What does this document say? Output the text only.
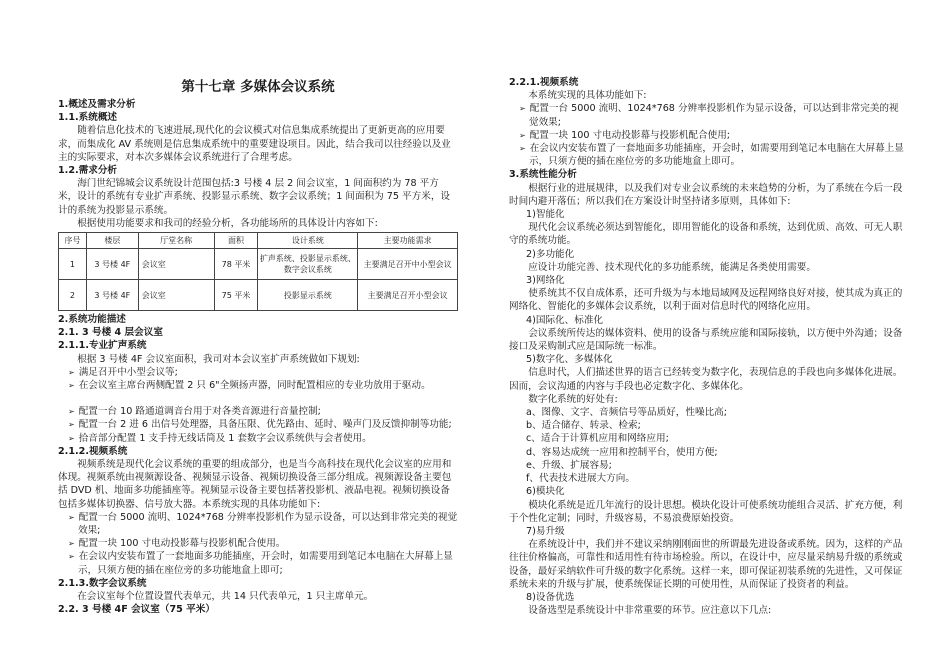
第十七章 多媒体会议系统

1.概述及需求分析

1.1.系统概述

随着信息化技术的飞速进展,现代化的会议模式对信息集成系统提出了更新更高的应用要求，而集成化 AV 系统则是信息集成系统中的重要建设项目。因此，结合我司以往经验以及业主的实际要求，对本次多媒体会议系统进行了合理考虑。

1.2.需求分析

海门世纪锦城会议系统设计范围包括:3 号楼 4 层 2 间会议室，1 间面积约为 78 平方米，设计的系统有专业扩声系统、投影显示系统、数字会议系统；1 间面积为 75 平方米，设计的系统为投影显示系统。

根据使用功能要求和我司的经验分析，各功能场所的具体设计内容如下:

序号	楼层	厅堂名称	面积	设计系统	主要功能需求
1	3 号楼 4F	会议室	78 平米	扩声系统、投影显示系统、数字会议系统	主要满足召开中小型会议
2	3 号楼 4F	会议室	75 平米	投影显示系统	主要满足召开小型会议

2.系统功能描述

2.1. 3 号楼 4 层会议室

2.1.1.专业扩声系统

根据 3 号楼 4F 会议室面积，我司对本会议室扩声系统做如下规划:

➢ 满足召开中小型会议等;

➢ 在会议室主席台两侧配置 2 只 6"全频扬声器，同时配置相应的专业功放用于驱动。

➢ 配置一台 10 路通道调音台用于对各类音源进行音量控制;

➢ 配置一台 2 进 6 出信号处理器，具备压限、优先路由、延时、噪声门及反馈抑制等功能;

➢ 拾音部分配置 1 支手持无线话筒及 1 套数字会议系统供与会者使用。

2.1.2.视频系统

视频系统是现代化会议系统的重要的组成部分，也是当今高科技在现代化会议室的应用和体现。视频系统由视频源设备、视频显示设备、视频切换设备三部分组成。视频源设备主要包括 DVD 机、地面多功能插座等。视频显示设备主要包括著投影机、液晶电视。视频切换设备包括多媒体切换器、信号放大器。本系统实现的具体功能如下:

➢ 配置一台 5000 流明、1024*768 分辨率投影机作为显示设备，可以达到非常完美的视觉效果;

➢ 配置一块 100 寸电动投影幕与投影机配合使用。

➢ 在会议内安装布置了一套地面多功能插座，开会时，如需要用到笔记本电脑在大屏幕上显示，只须方便的插在座位旁的多功能地盒上即可;

2.1.3.数字会议系统

在会议室每个位置设置代表单元，共 14 只代表单元，1 只主席单元。

2.2. 3 号楼 4F 会议室（75 平米）

2.2.1.视频系统

本系统实现的具体功能如下:

➢ 配置一台 5000 流明、1024*768 分辨率投影机作为显示设备，可以达到非常完美的视觉效果;

➢ 配置一块 100 寸电动投影幕与投影机配合使用;

➢ 在会议内安装布置了一套地面多功能插座，开会时，如需要用到笔记本电脑在大屏幕上显示，只须方便的插在座位旁的多功能地盒上即可。

3.系统性能分析

根据行业的进展规律，以及我们对专业会议系统的未来趋势的分析，为了系统在今后一段时间内避开落伍；所以我们在方案设计时坚持诸多原则，具体如下:

1)智能化

现代化会议系统必须达到智能化，即用智能化的设备和系统，达到优质、高效、可无人职守的系统功能。

2)多功能化

应设计功能完善、技术现代化的多功能系统，能满足各类使用需要。

3)网络化

使系统其不仅自成体系，还可升级为与本地局域网及远程网络良好对接，使其成为真正的网络化、智能化的多媒体会议系统，以利于面对信息时代的网络化应用。

4)国际化、标准化

会议系统所传达的媒体资料、使用的设备与系统应能和国际接轨，以方便中外沟通；设备接口及采购制式应是国际统一标准。

5)数字化、多媒体化

信息时代，人们描述世界的语言已经转变为数字化，表现信息的手段也向多媒体化进展。因而，会议沟通的内容与手段也必定数字化、多媒体化。

数字化系统的好处有:

a、图像、文字、音频信号等品质好，性噪比高;

b、适合储存、转录、检索;

c、适合于计算机应用和网络应用;

d、容易达成统一应用和控制平台，使用方便;

e、升级、扩展容易;

f、代表技术进展大方向。

6)模块化

模块化系统是近几年流行的设计思想。模块化设计可使系统功能组合灵活、扩充方便，利于个性化定制；同时，升级容易，不易浪费原始投资。

7)易升级

在系统设计中，我们并不建议采纳刚刚面世的所谓最先进设备或系统。因为，这样的产品往往价格偏高，可靠性和适用性有待市场检验。所以，在设计中，应尽量采纳易升级的系统或设备，最好采纳软件可升级的数字化系统。这样一来，即可保证初装系统的先进性，又可保证系统未来的升级与扩展，使系统保证长期的可使用性，从而保证了投资者的利益。

8)设备优选

设备选型是系统设计中非常重要的环节。应注意以下几点:
